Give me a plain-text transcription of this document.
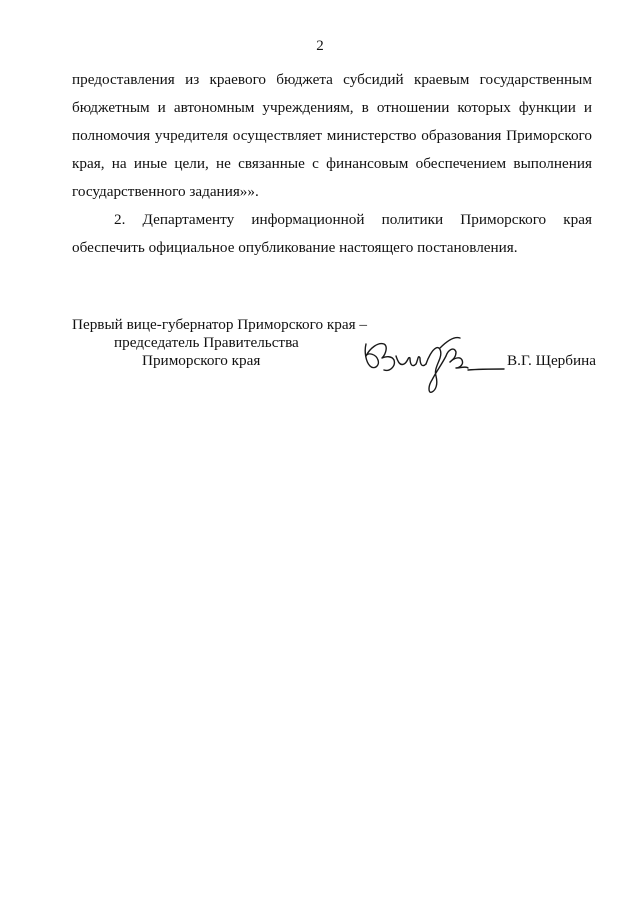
2

предоставления из краевого бюджета субсидий краевым государственным

бюджетным и автономным учреждениям, в отношении которых функции и

полномочия учредителя осуществляет министерство образования Приморского

края, на иные цели, не связанные с финансовым обеспечением выполнения

государственного задания»».

2. Департаменту информационной политики Приморского края

обеспечить официальное опубликование настоящего постановления.

Первый вице-губернатор Приморского края –
председатель Правительства
Приморского края	В.Г. Щербина
